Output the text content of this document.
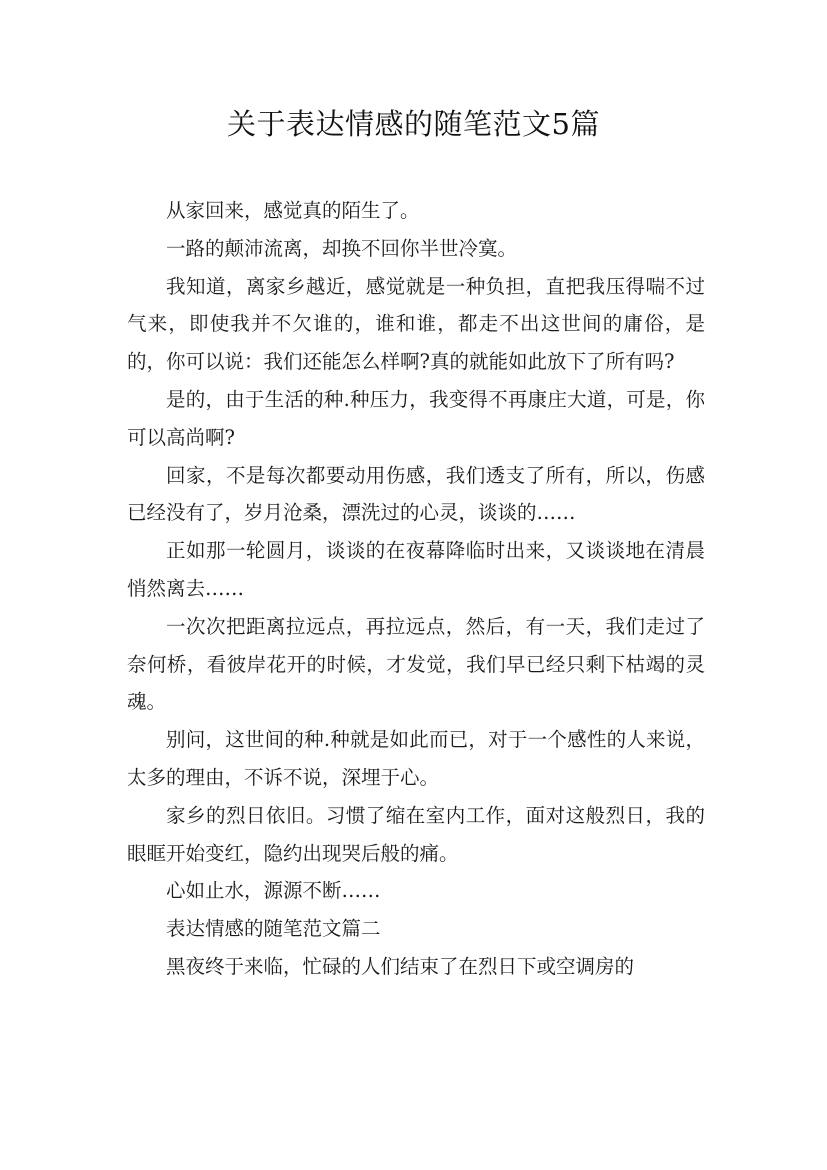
关于表达情感的随笔范文5篇

从家回来，感觉真的陌生了。

一路的颠沛流离，却换不回你半世冷寞。

我知道，离家乡越近，感觉就是一种负担，直把我压得喘不过气来，即使我并不欠谁的，谁和谁，都走不出这世间的庸俗，是的，你可以说：我们还能怎么样啊?真的就能如此放下了所有吗?

是的，由于生活的种.种压力，我变得不再康庄大道，可是，你可以高尚啊?

回家，不是每次都要动用伤感，我们透支了所有，所以，伤感已经没有了，岁月沧桑，漂洗过的心灵，谈谈的……

正如那一轮圆月，谈谈的在夜幕降临时出来，又谈谈地在清晨悄然离去……

一次次把距离拉远点，再拉远点，然后，有一天，我们走过了奈何桥，看彼岸花开的时候，才发觉，我们早已经只剩下枯竭的灵魂。

别问，这世间的种.种就是如此而已，对于一个感性的人来说，太多的理由，不诉不说，深埋于心。

家乡的烈日依旧。习惯了缩在室内工作，面对这般烈日，我的眼眶开始变红，隐约出现哭后般的痛。

心如止水，源源不断……

表达情感的随笔范文篇二

黑夜终于来临，忙碌的人们结束了在烈日下或空调房的
